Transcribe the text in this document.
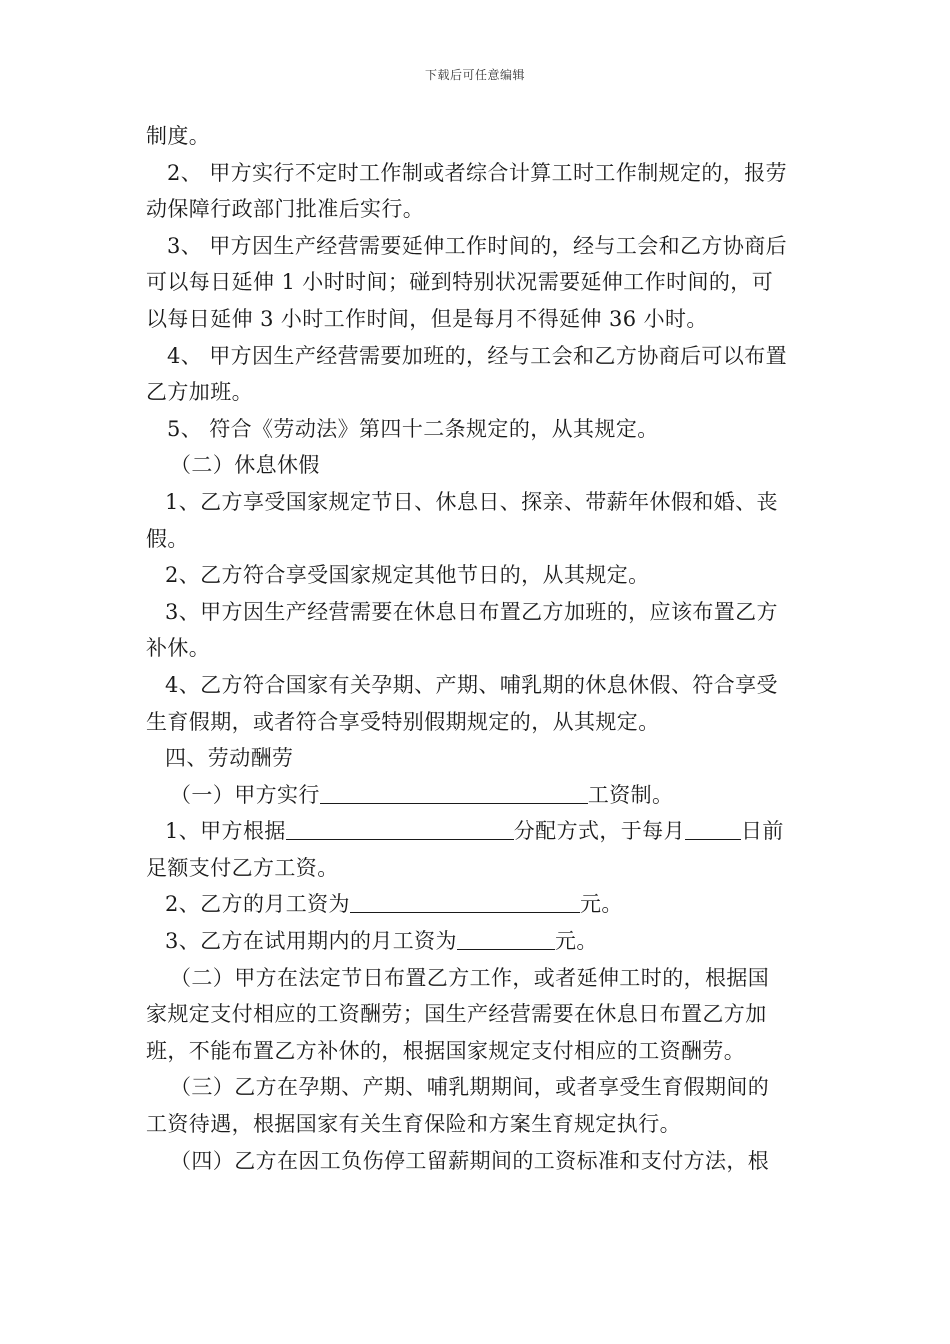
下载后可任意编辑
制度。
2、 甲方实行不定时工作制或者综合计算工时工作制规定的，报劳
动保障行政部门批准后实行。
3、 甲方因生产经营需要延伸工作时间的，经与工会和乙方协商后
可以每日延伸 1 小时时间；碰到特别状况需要延伸工作时间的，可
以每日延伸 3 小时工作时间，但是每月不得延伸 36 小时。
4、 甲方因生产经营需要加班的，经与工会和乙方协商后可以布置
乙方加班。
5、 符合《劳动法》第四十二条规定的，从其规定。
（二）休息休假
1、乙方享受国家规定节日、休息日、探亲、带薪年休假和婚、丧
假。
2、乙方符合享受国家规定其他节日的，从其规定。
3、甲方因生产经营需要在休息日布置乙方加班的，应该布置乙方
补休。
4、乙方符合国家有关孕期、产期、哺乳期的休息休假、符合享受
生育假期，或者符合享受特别假期规定的，从其规定。
四、劳动酬劳
（一）甲方实行	工资制。
1、甲方根据	分配方式，于每月	日前
足额支付乙方工资。
2、乙方的月工资为	元。
3、乙方在试用期内的月工资为	元。
（二）甲方在法定节日布置乙方工作，或者延伸工时的，根据国
家规定支付相应的工资酬劳；国生产经营需要在休息日布置乙方加
班，不能布置乙方补休的，根据国家规定支付相应的工资酬劳。
（三）乙方在孕期、产期、哺乳期期间，或者享受生育假期间的
工资待遇，根据国家有关生育保险和方案生育规定执行。
（四）乙方在因工负伤停工留薪期间的工资标准和支付方法，根
